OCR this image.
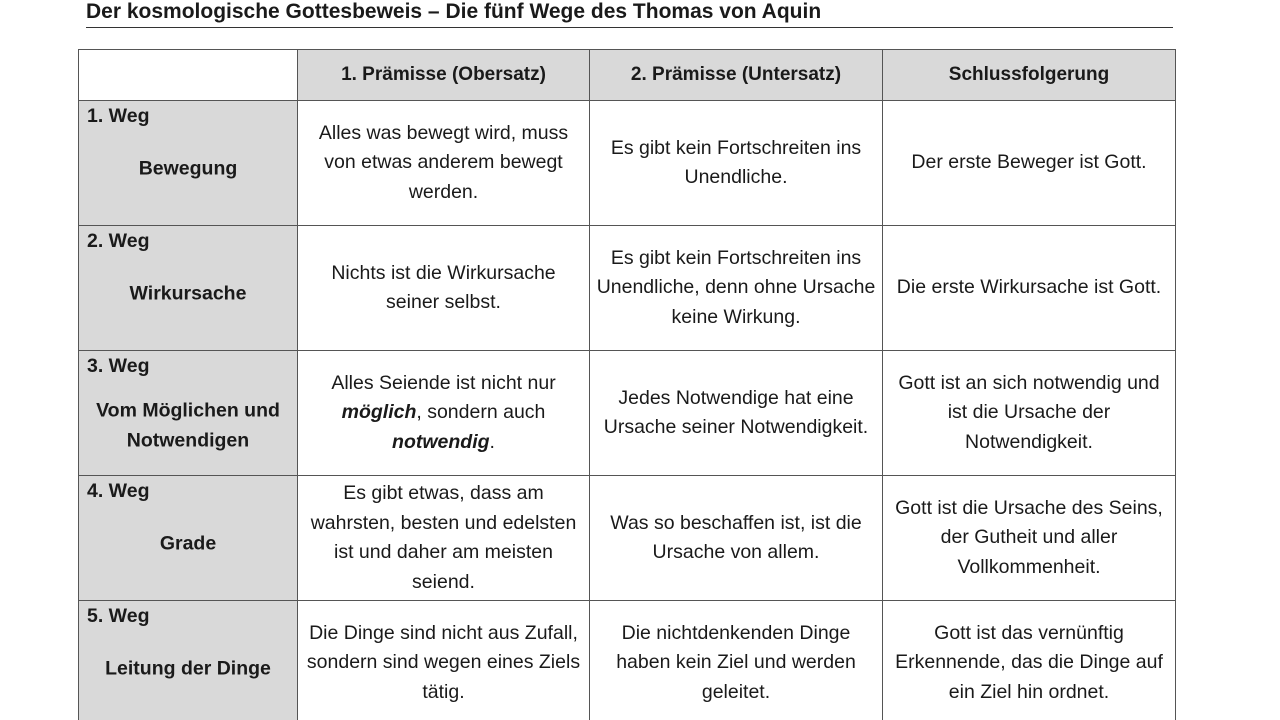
Der kosmologische Gottesbeweis – Die fünf Wege des Thomas von Aquin
	1. Prämisse (Obersatz)	2. Prämisse (Untersatz)	Schlussfolgerung

1. Weg
Bewegung	Alles was bewegt wird, muss von etwas anderem bewegt werden.	Es gibt kein Fortschreiten ins Unendliche.	Der erste Beweger ist Gott.

2. Weg
Wirkursache	Nichts ist die Wirkursache seiner selbst.	Es gibt kein Fortschreiten ins Unendliche, denn ohne Ursache keine Wirkung.	Die erste Wirkursache ist Gott.

3. Weg
Vom Möglichen und Notwendigen	Alles Seiende ist nicht nur möglich, sondern auch notwendig.	Jedes Notwendige hat eine Ursache seiner Notwendigkeit.	Gott ist an sich notwendig und ist die Ursache der Notwendigkeit.

4. Weg
Grade	Es gibt etwas, dass am wahrsten, besten und edelsten ist und daher am meisten seiend.	Was so beschaffen ist, ist die Ursache von allem.	Gott ist die Ursache des Seins, der Gutheit und aller Vollkommenheit.

5. Weg
Leitung der Dinge	Die Dinge sind nicht aus Zufall, sondern sind wegen eines Ziels tätig.	Die nichtdenkenden Dinge haben kein Ziel und werden geleitet.	Gott ist das vernünftig Erkennende, das die Dinge auf ein Ziel hin ordnet.
